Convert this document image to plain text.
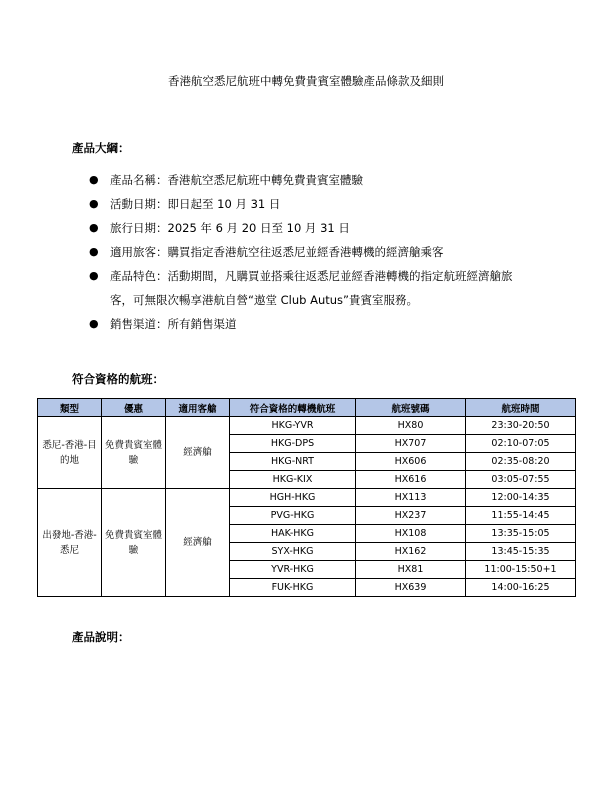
香港航空悉尼航班中轉免費貴賓室體驗產品條款及細則
產品大綱：
● 產品名稱：香港航空悉尼航班中轉免費貴賓室體驗
● 活動日期：即日起至 10 月 31 日
● 旅行日期：2025 年 6 月 20 日至 10 月 31 日
● 適用旅客：購買指定香港航空往返悉尼並經香港轉機的經濟艙乘客
● 產品特色：活動期間，凡購買並搭乘往返悉尼並經香港轉機的指定航班經濟艙旅
客，可無限次暢享港航自營“遨堂 Club Autus”貴賓室服務。
● 銷售渠道：所有銷售渠道
符合資格的航班：
類型	優惠	適用客艙	符合資格的轉機航班	航班號碼	航班時間
悉尼-香港-目的地	免費貴賓室體驗	經濟艙	HKG-YVR	HX80	23:30-20:50
			HKG-DPS	HX707	02:10-07:05
			HKG-NRT	HX606	02:35-08:20
			HKG-KIX	HX616	03:05-07:55
出發地-香港-悉尼	免費貴賓室體驗	經濟艙	HGH-HKG	HX113	12:00-14:35
			PVG-HKG	HX237	11:55-14:45
			HAK-HKG	HX108	13:35-15:05
			SYX-HKG	HX162	13:45-15:35
			YVR-HKG	HX81	11:00-15:50+1
			FUK-HKG	HX639	14:00-16:25
產品說明：
